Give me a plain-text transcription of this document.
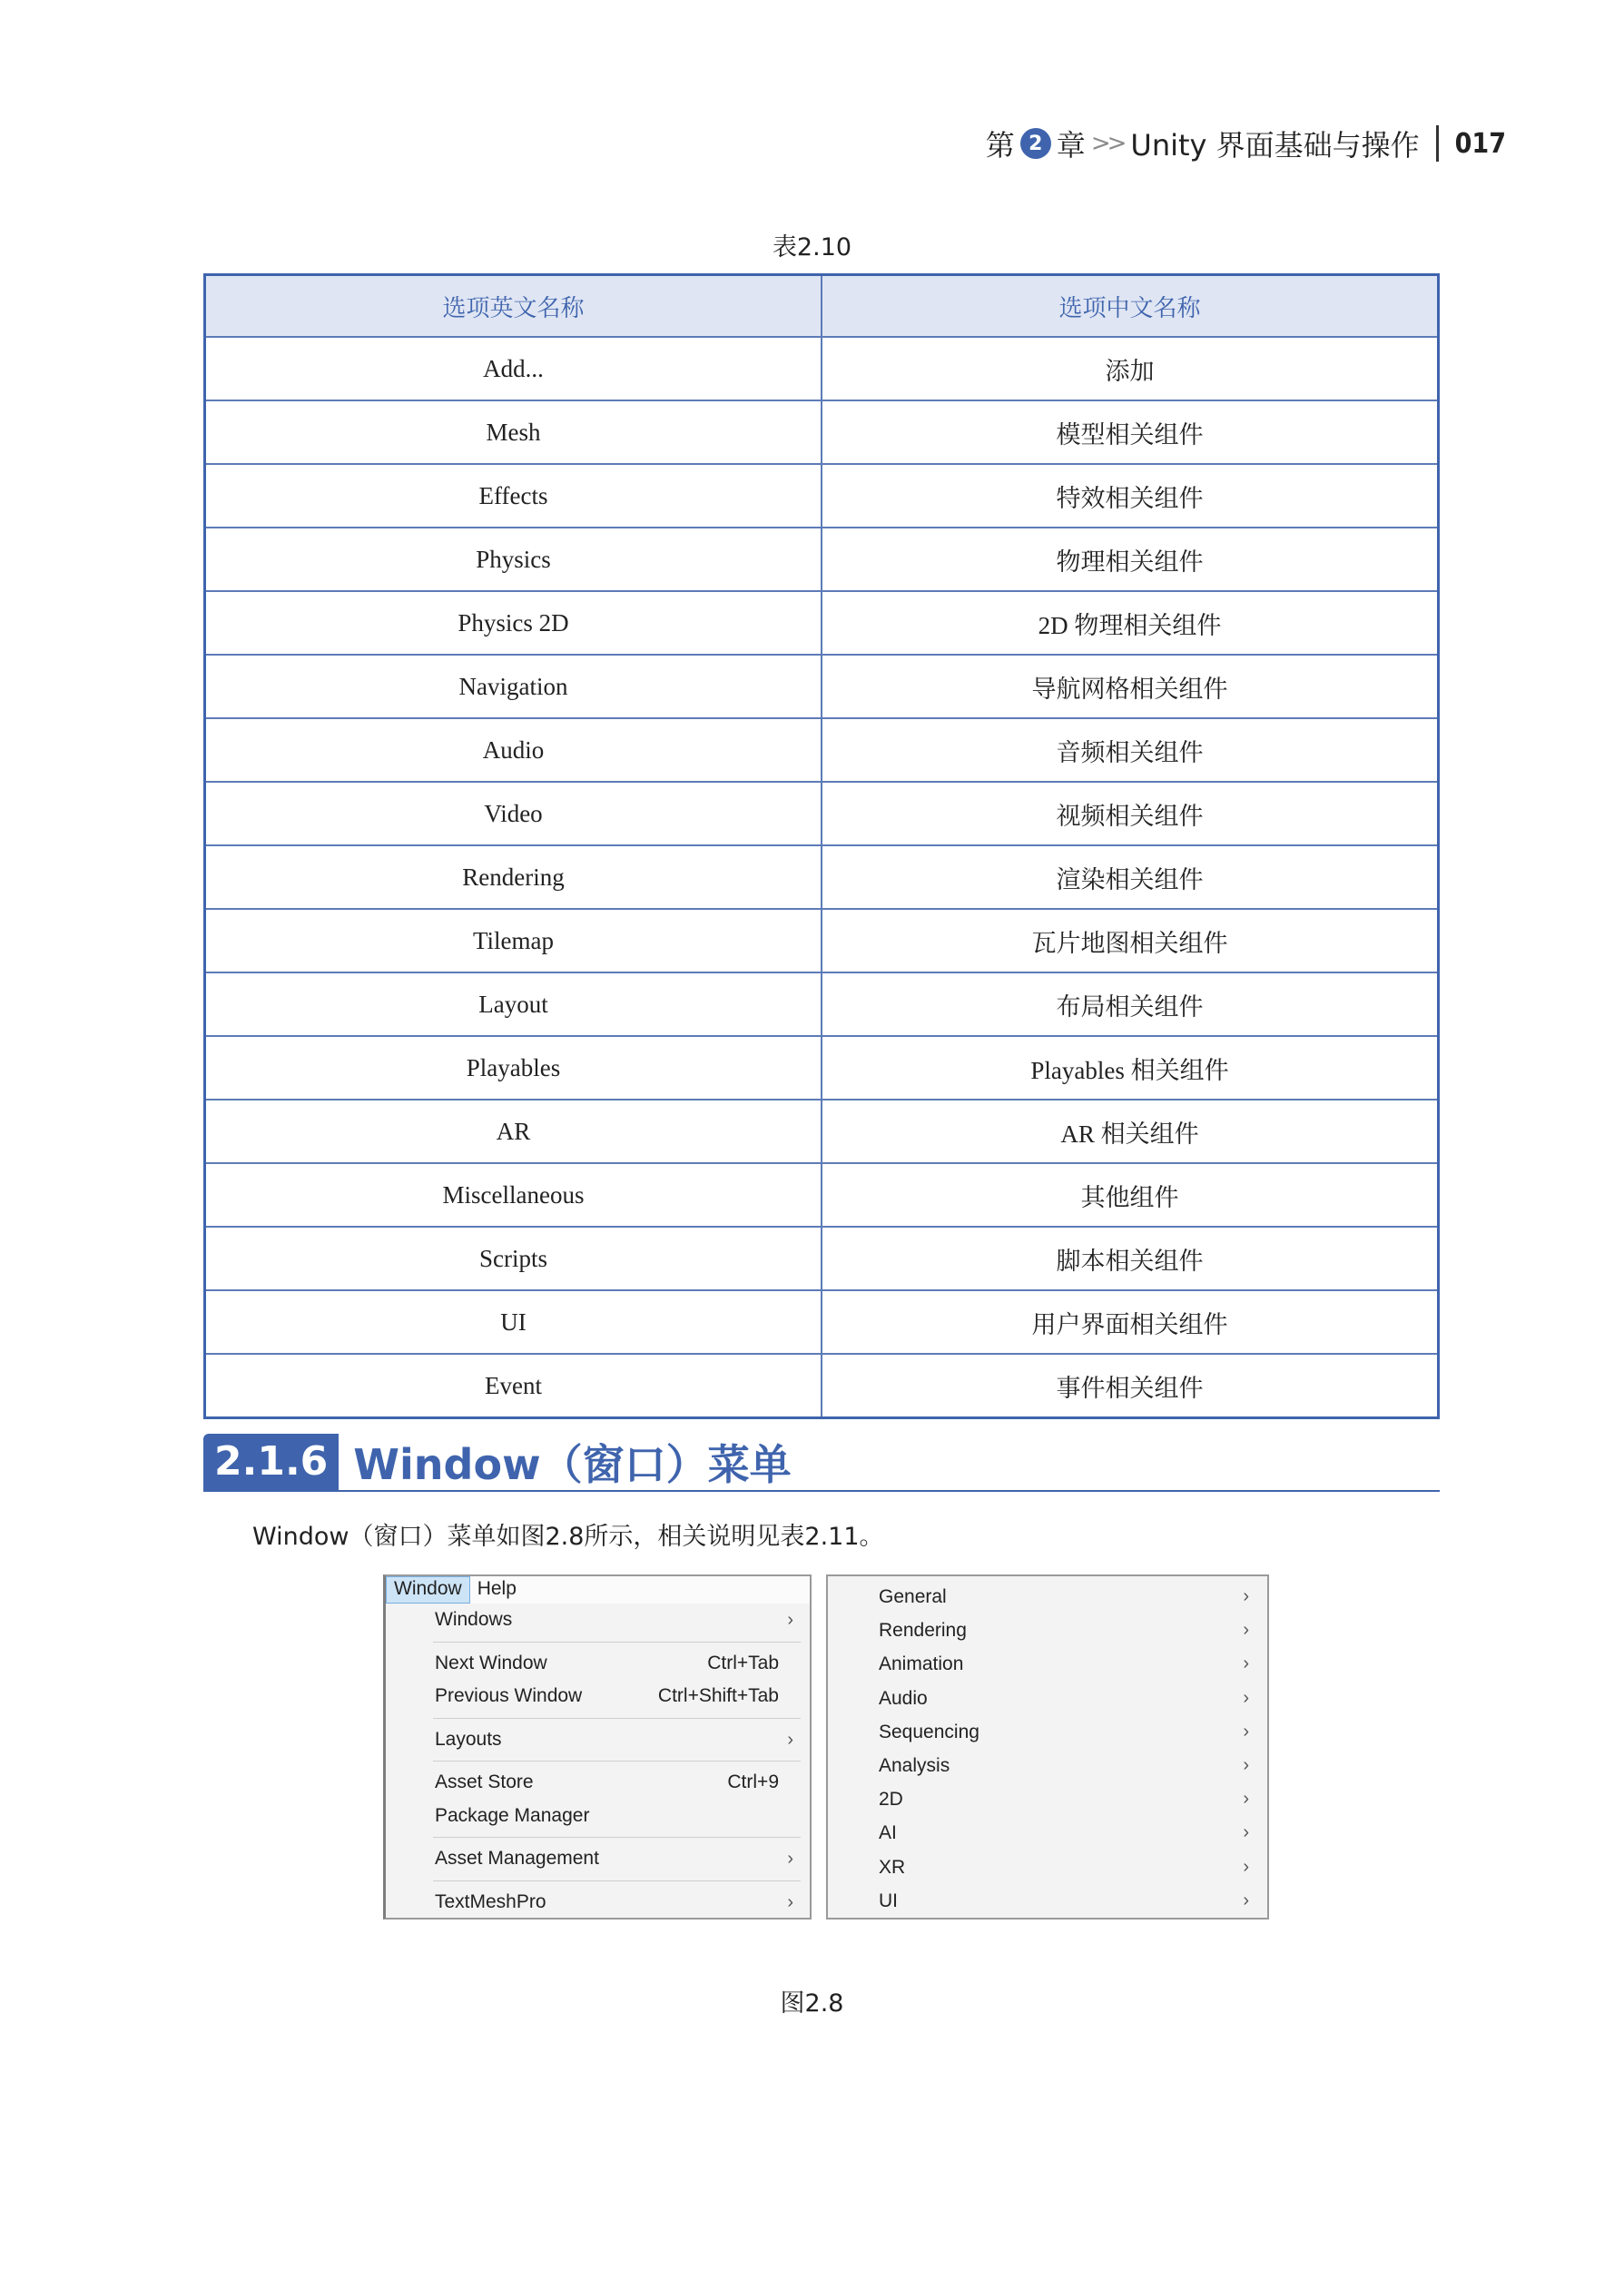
第 2 章 >> Unity 界面基础与操作 017
表2.10
选项英文名称	选项中文名称
Add...	添加
Mesh	模型相关组件
Effects	特效相关组件
Physics	物理相关组件
Physics 2D	2D 物理相关组件
Navigation	导航网格相关组件
Audio	音频相关组件
Video	视频相关组件
Rendering	渲染相关组件
Tilemap	瓦片地图相关组件
Layout	布局相关组件
Playables	Playables 相关组件
AR	AR 相关组件
Miscellaneous	其他组件
Scripts	脚本相关组件
UI	用户界面相关组件
Event	事件相关组件
2.1.6 Window（窗口）菜单
Window（窗口）菜单如图2.8所示，相关说明见表2.11。
Window Help
Windows	›
Next Window	Ctrl+Tab
Previous Window	Ctrl+Shift+Tab
Layouts	›
Asset Store	Ctrl+9
Package Manager
Asset Management	›
TextMeshPro	›
General	›
Rendering	›
Animation	›
Audio	›
Sequencing	›
Analysis	›
2D	›
AI	›
XR	›
UI	›
图2.8
